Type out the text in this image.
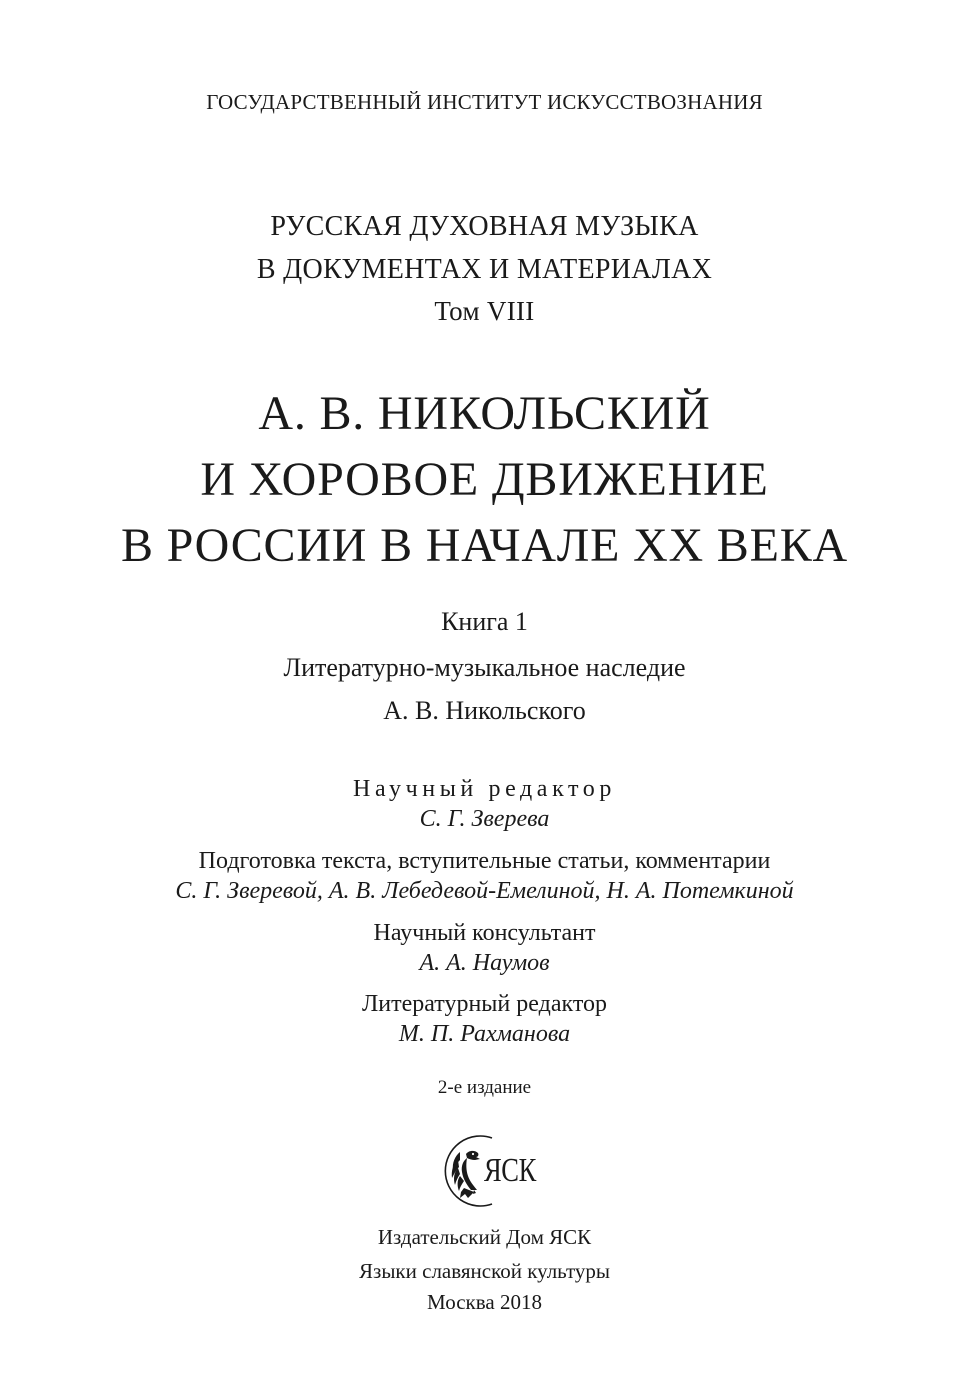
ГОСУДАРСТВЕННЫЙ ИНСТИТУТ ИСКУССТВОЗНАНИЯ
РУССКАЯ ДУХОВНАЯ МУЗЫКА
В ДОКУМЕНТАХ И МАТЕРИАЛАХ
Том VIII
А. В. НИКОЛЬСКИЙ
И ХОРОВОЕ ДВИЖЕНИЕ
В РОССИИ В НАЧАЛЕ XX ВЕКА
Книга 1
Литературно-музыкальное наследие
А. В. Никольского
Научный редактор
С. Г. Зверева
Подготовка текста, вступительные статьи, комментарии
С. Г. Зверевой, А. В. Лебедевой-Емелиной, Н. А. Потемкиной
Научный консультант
А. А. Наумов
Литературный редактор
М. П. Рахманова
2-е издание
ЯСК
Издательский Дом ЯСК
Языки славянской культуры
Москва 2018
